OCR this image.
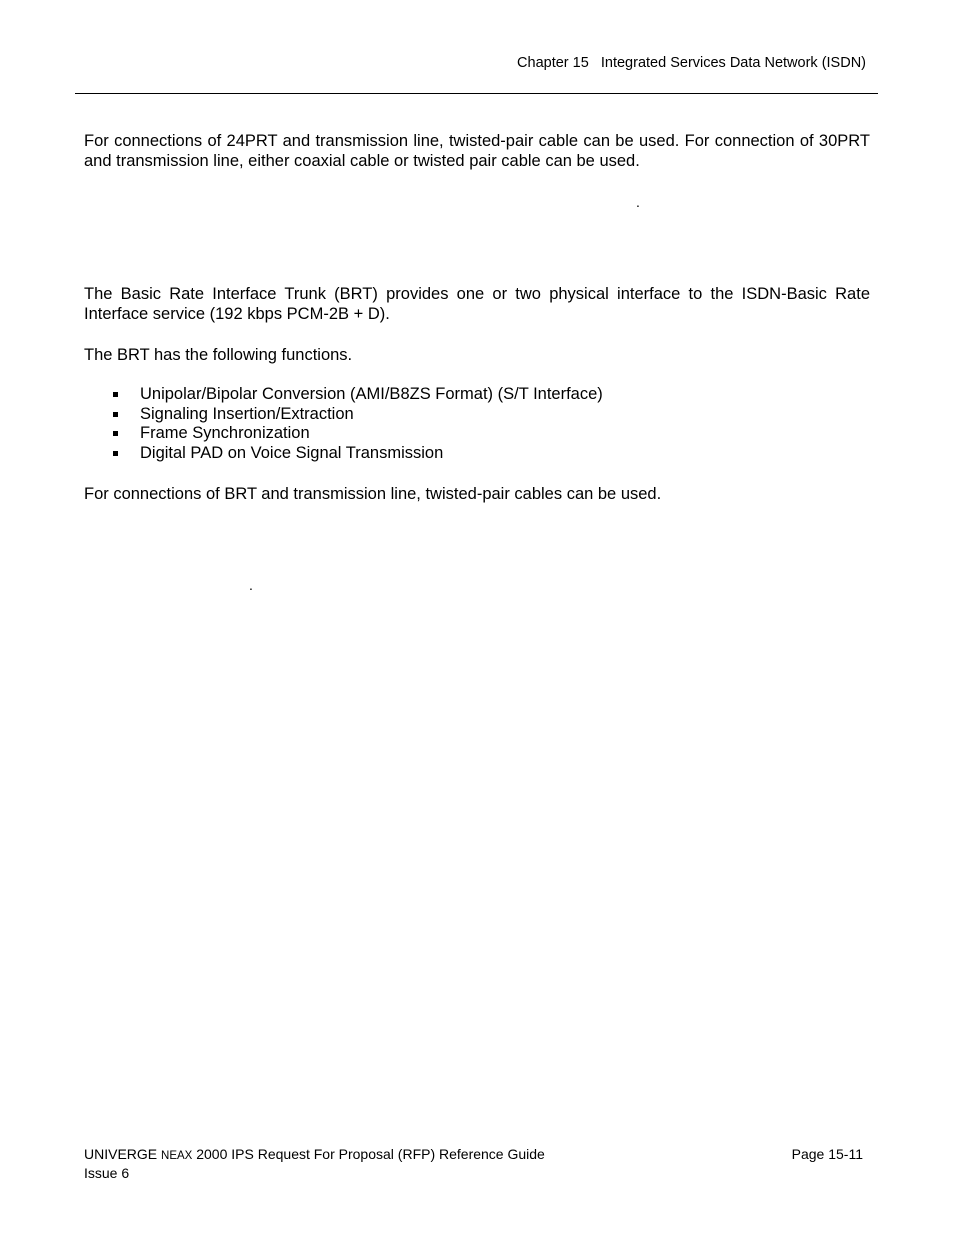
Chapter 15   Integrated Services Data Network (ISDN)

For connections of 24PRT and transmission line, twisted-pair cable can be used. For connection of 30PRT and transmission line, either coaxial cable or twisted pair cable can be used.

.

The Basic Rate Interface Trunk (BRT) provides one or two physical interface to the ISDN-Basic Rate Interface service (192 kbps PCM-2B + D).

The BRT has the following functions.

Unipolar/Bipolar Conversion (AMI/B8ZS Format) (S/T Interface)
Signaling Insertion/Extraction
Frame Synchronization
Digital PAD on Voice Signal Transmission

For connections of BRT and transmission line, twisted-pair cables can be used.

.
UNIVERGE NEAX 2000 IPS Request For Proposal (RFP) Reference Guide
Issue 6
Page 15-11
